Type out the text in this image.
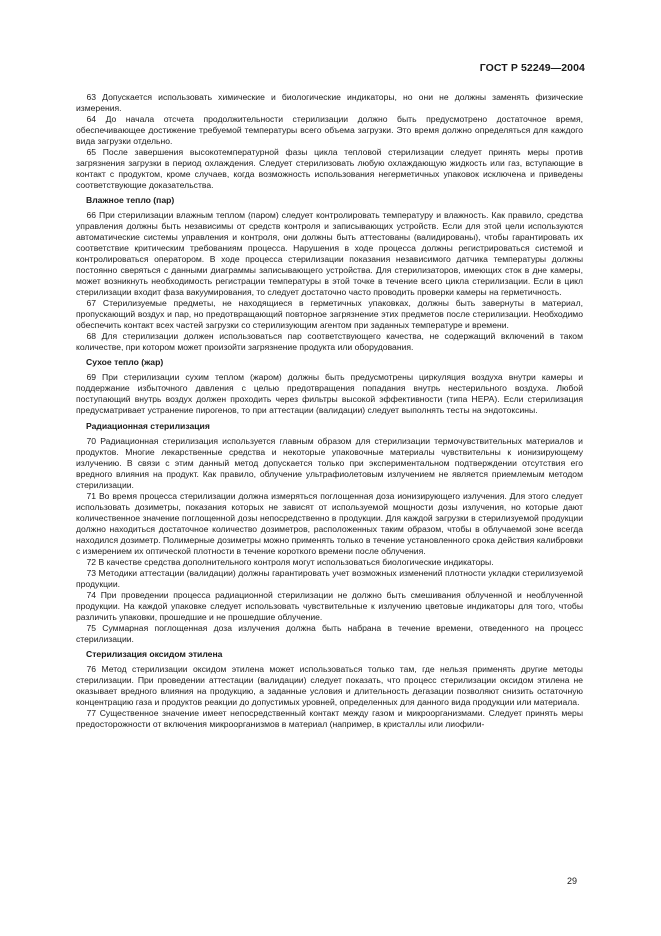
ГОСТ Р 52249—2004

63 Допускается использовать химические и биологические индикаторы, но они не должны заменять физические измерения.

64 До начала отсчета продолжительности стерилизации должно быть предусмотрено достаточное время, обеспечивающее достижение требуемой температуры всего объема загрузки. Это время должно определяться для каждого вида загрузки отдельно.

65 После завершения высокотемпературной фазы цикла тепловой стерилизации следует принять меры против загрязнения загрузки в период охлаждения. Следует стерилизовать любую охлаждающую жидкость или газ, вступающие в контакт с продуктом, кроме случаев, когда возможность использования негерметичных упаковок исключена и приведены соответствующие доказательства.

Влажное тепло (пар)

66 При стерилизации влажным теплом (паром) следует контролировать температуру и влажность. Как правило, средства управления должны быть независимы от средств контроля и записывающих устройств. Если для этой цели используются автоматические системы управления и контроля, они должны быть аттестованы (валидированы), чтобы гарантировать их соответствие критическим требованиям процесса. Нарушения в ходе процесса должны регистрироваться системой и контролироваться оператором. В ходе процесса стерилизации показания независимого датчика температуры должны постоянно сверяться с данными диаграммы записывающего устройства. Для стерилизаторов, имеющих сток в дне камеры, может возникнуть необходимость регистрации температуры в этой точке в течение всего цикла стерилизации. Если в цикл стерилизации входит фаза вакуумирования, то следует достаточно часто проводить проверки камеры на герметичность.

67 Стерилизуемые предметы, не находящиеся в герметичных упаковках, должны быть завернуты в материал, пропускающий воздух и пар, но предотвращающий повторное загрязнение этих предметов после стерилизации. Необходимо обеспечить контакт всех частей загрузки со стерилизующим агентом при заданных температуре и времени.

68 Для стерилизации должен использоваться пар соответствующего качества, не содержащий включений в таком количестве, при котором может произойти загрязнение продукта или оборудования.

Сухое тепло (жар)

69 При стерилизации сухим теплом (жаром) должны быть предусмотрены циркуляция воздуха внутри камеры и поддержание избыточного давления с целью предотвращения попадания внутрь нестерильного воздуха. Любой поступающий внутрь воздух должен проходить через фильтры высокой эффективности (типа НЕРА). Если стерилизация предусматривает устранение пирогенов, то при аттестации (валидации) следует выполнять тесты на эндотоксины.

Радиационная стерилизация

70 Радиационная стерилизация используется главным образом для стерилизации термочувствительных материалов и продуктов. Многие лекарственные средства и некоторые упаковочные материалы чувствительны к ионизирующему излучению. В связи с этим данный метод допускается только при экспериментальном подтверждении отсутствия его вредного влияния на продукт. Как правило, облучение ультрафиолетовым излучением не является приемлемым методом стерилизации.

71 Во время процесса стерилизации должна измеряться поглощенная доза ионизирующего излучения. Для этого следует использовать дозиметры, показания которых не зависят от используемой мощности дозы излучения, но которые дают количественное значение поглощенной дозы непосредственно в продукции. Для каждой загрузки в стерилизуемой продукции должно находиться достаточное количество дозиметров, расположенных таким образом, чтобы в облучаемой зоне всегда находился дозиметр. Полимерные дозиметры можно применять только в течение установленного срока действия калибровки с измерением их оптической плотности в течение короткого времени после облучения.

72 В качестве средства дополнительного контроля могут использоваться биологические индикаторы.

73 Методики аттестации (валидации) должны гарантировать учет возможных изменений плотности укладки стерилизуемой продукции.

74 При проведении процесса радиационной стерилизации не должно быть смешивания облученной и необлученной продукции. На каждой упаковке следует использовать чувствительные к излучению цветовые индикаторы для того, чтобы различить упаковки, прошедшие и не прошедшие облучение.

75 Суммарная поглощенная доза излучения должна быть набрана в течение времени, отведенного на процесс стерилизации.

Стерилизация оксидом этилена

76 Метод стерилизации оксидом этилена может использоваться только там, где нельзя применять другие методы стерилизации. При проведении аттестации (валидации) следует показать, что процесс стерилизации оксидом этилена не оказывает вредного влияния на продукцию, а заданные условия и длительность дегазации позволяют снизить остаточную концентрацию газа и продуктов реакции до допустимых уровней, определенных для данного вида продукции или материала.

77 Существенное значение имеет непосредственный контакт между газом и микроорганизмами. Следует принять меры предосторожности от включения микроорганизмов в материал (например, в кристаллы или лиофили-

29
